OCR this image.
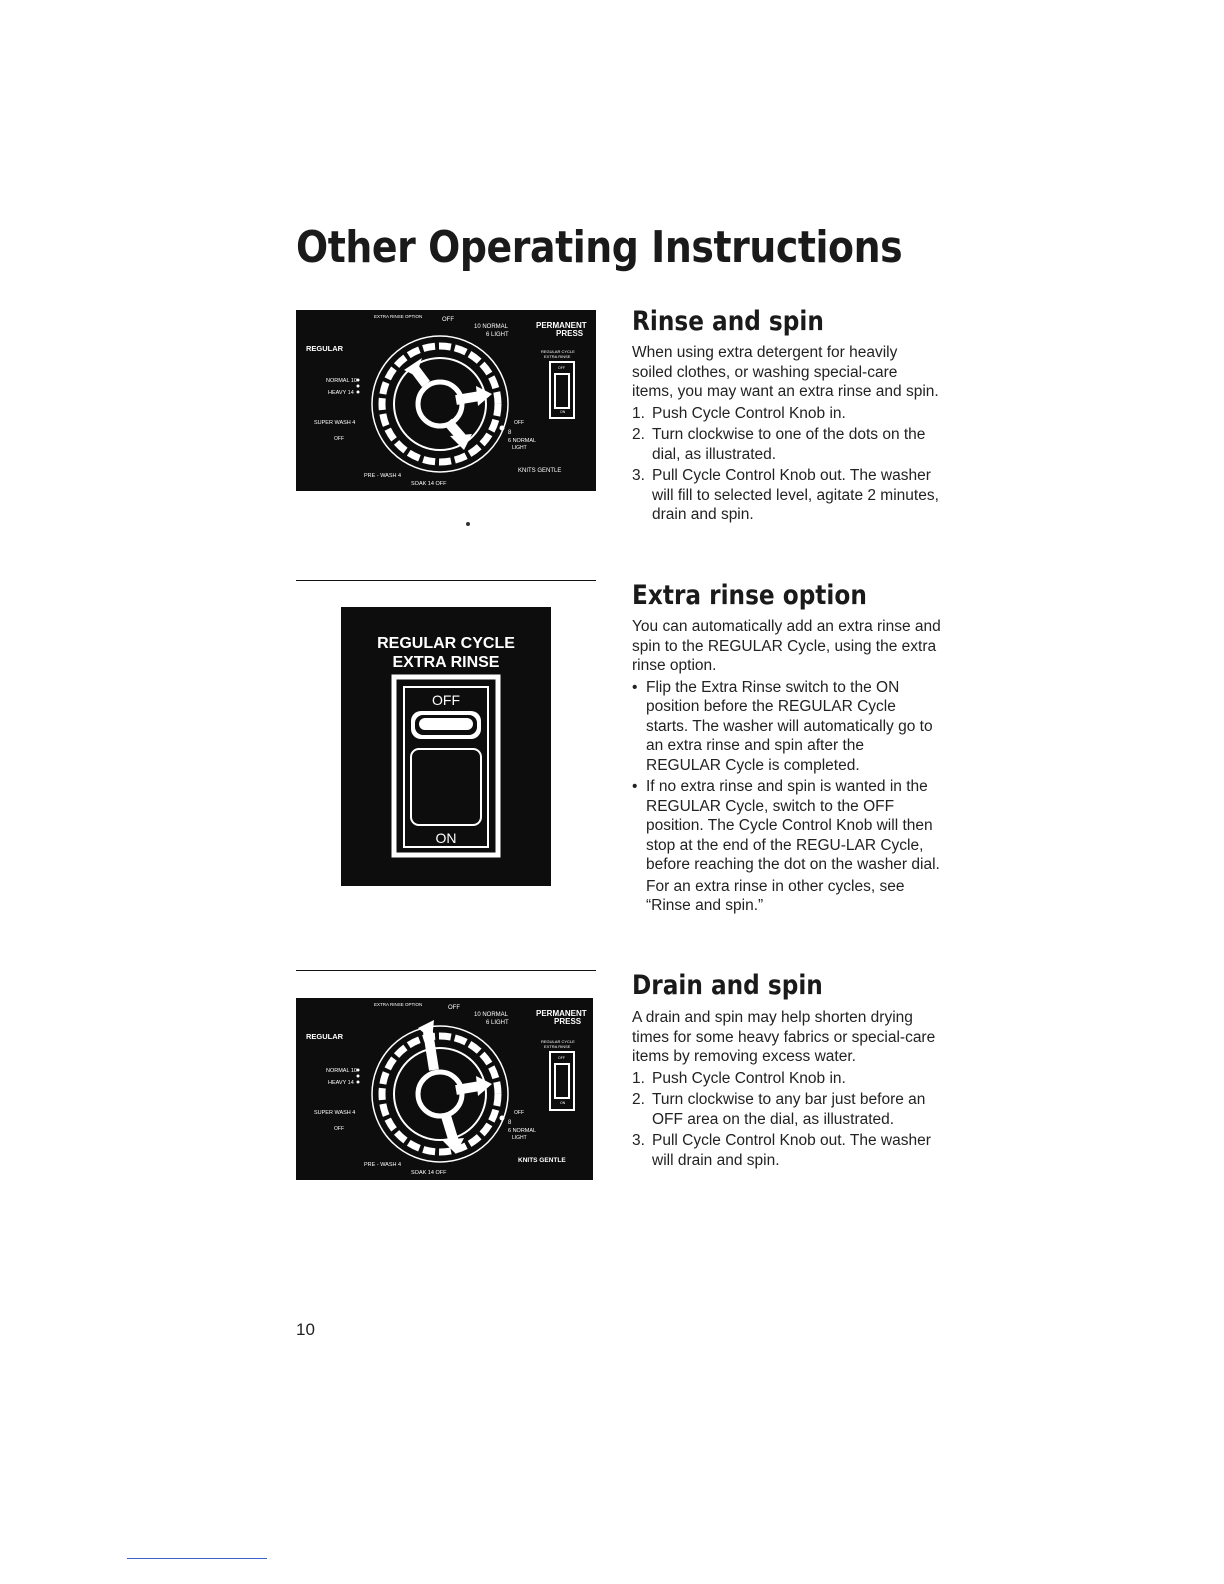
Other Operating Instructions
EXTRA RINSE OPTION
OFF
10 NORMAL
6 LIGHT
PERMANENT
PRESS
REGULAR
NORMAL 10
HEAVY 14
SUPER WASH 4
OFF
OFF
8
6 NORMAL
LIGHT
PRE - WASH 4
SOAK 14 OFF
KNITS GENTLE
REGULAR CYCLE
EXTRA RINSE
OFF
ON
Rinse and spin

When using extra detergent for heavily soiled clothes, or washing special-care items, you may want an extra rinse and spin.

1. Push Cycle Control Knob in.
2. Turn clockwise to one of the dots on the dial, as illustrated.
3. Pull Cycle Control Knob out. The washer will fill to selected level, agitate 2 minutes, drain and spin.
REGULAR CYCLE
EXTRA RINSE
OFF
ON
Extra rinse option

You can automatically add an extra rinse and spin to the REGULAR Cycle, using the extra rinse option.

• Flip the Extra Rinse switch to the ON position before the REGULAR Cycle starts. The washer will automatically go to an extra rinse and spin after the REGULAR Cycle is completed.
• If no extra rinse and spin is wanted in the REGULAR Cycle, switch to the OFF position. The Cycle Control Knob will then stop at the end of the REGU-LAR Cycle, before reaching the dot on the washer dial.

For an extra rinse in other cycles, see “Rinse and spin.”

EXTRA RINSE OPTION
OFF
10 NORMAL
6 LIGHT
PERMANENT
PRESS
REGULAR
NORMAL 10
HEAVY 14
SUPER WASH 4
OFF
OFF
8
6 NORMAL
LIGHT
PRE - WASH 4
SOAK 14 OFF
KNITS GENTLE
REGULAR CYCLE
EXTRA RINSE
OFF
ON
Drain and spin

A drain and spin may help shorten drying times for some heavy fabrics or special-care items by removing excess water.

1. Push Cycle Control Knob in.
2. Turn clockwise to any bar just before an OFF area on the dial, as illustrated.
3. Pull Cycle Control Knob out. The washer will drain and spin.
10
